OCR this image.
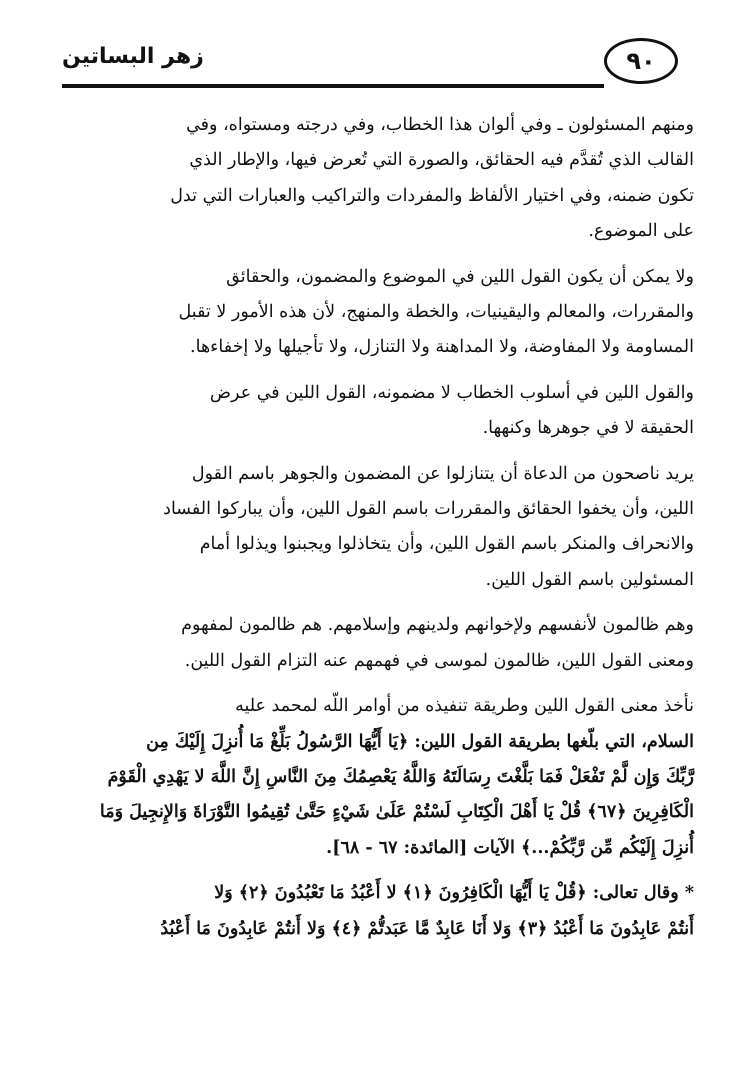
زهر البساتين	٩٠

ومنهم المسئولون ـ وفي ألوان هذا الخطاب، وفي درجته ومستواه، وفي
القالب الذي تُقدَّم فيه الحقائق، والصورة التي تُعرض فيها، والإطار الذي
تكون ضمنه، وفي اختيار الألفاظ والمفردات والتراكيب والعبارات التي تدل
على الموضوع.

ولا يمكن أن يكون القول اللين في الموضوع والمضمون، والحقائق
والمقررات، والمعالم واليقينيات، والخطة والمنهج، لأن هذه الأمور لا تقبل
المساومة ولا المفاوضة، ولا المداهنة ولا التنازل، ولا تأجيلها ولا إخفاءها.

والقول اللين في أسلوب الخطاب لا مضمونه، القول اللين في عرض
الحقيقة لا في جوهرها وكنهها.

يريد ناصحون من الدعاة أن يتنازلوا عن المضمون والجوهر باسم القول
اللين، وأن يخفوا الحقائق والمقررات باسم القول اللين، وأن يباركوا الفساد
والانحراف والمنكر باسم القول اللين، وأن يتخاذلوا ويجبنوا ويذلوا أمام
المسئولين باسم القول اللين.

وهم ظالمون لأنفسهم ولإخوانهم ولدينهم وإسلامهم. هم ظالمون لمفهوم
ومعنى القول اللين، ظالمون لموسى في فهمهم عنه التزام القول اللين.

نأخذ معنى القول اللين وطريقة تنفيذه من أوامر اللّه لمحمد عليه
السلام، التي بلّغها بطريقة القول اللين: ﴿يَا أَيُّهَا الرَّسُولُ بَلِّغْ مَا أُنزِلَ إِلَيْكَ مِن
رَّبِّكَ وَإِن لَّمْ تَفْعَلْ فَمَا بَلَّغْتَ رِسَالَتَهُ وَاللَّهُ يَعْصِمُكَ مِنَ النَّاسِ إِنَّ اللَّهَ لا يَهْدِي الْقَوْمَ
الْكَافِرِينَ ﴿٦٧﴾ قُلْ يَا أَهْلَ الْكِتَابِ لَسْتُمْ عَلَىٰ شَيْءٍ حَتَّىٰ تُقِيمُوا التَّوْرَاةَ وَالإِنجِيلَ وَمَا
أُنزِلَ إِلَيْكُم مِّن رَّبِّكُمْ...﴾ الآيات [المائدة: ٦٧ - ٦٨].

* وقال تعالى: ﴿قُلْ يَا أَيُّهَا الْكَافِرُونَ ﴿١﴾ لا أَعْبُدُ مَا تَعْبُدُونَ ﴿٢﴾ وَلا
أَنتُمْ عَابِدُونَ مَا أَعْبُدُ ﴿٣﴾ وَلا أَنَا عَابِدٌ مَّا عَبَدتُّمْ ﴿٤﴾ وَلا أَنتُمْ عَابِدُونَ مَا أَعْبُدُ
